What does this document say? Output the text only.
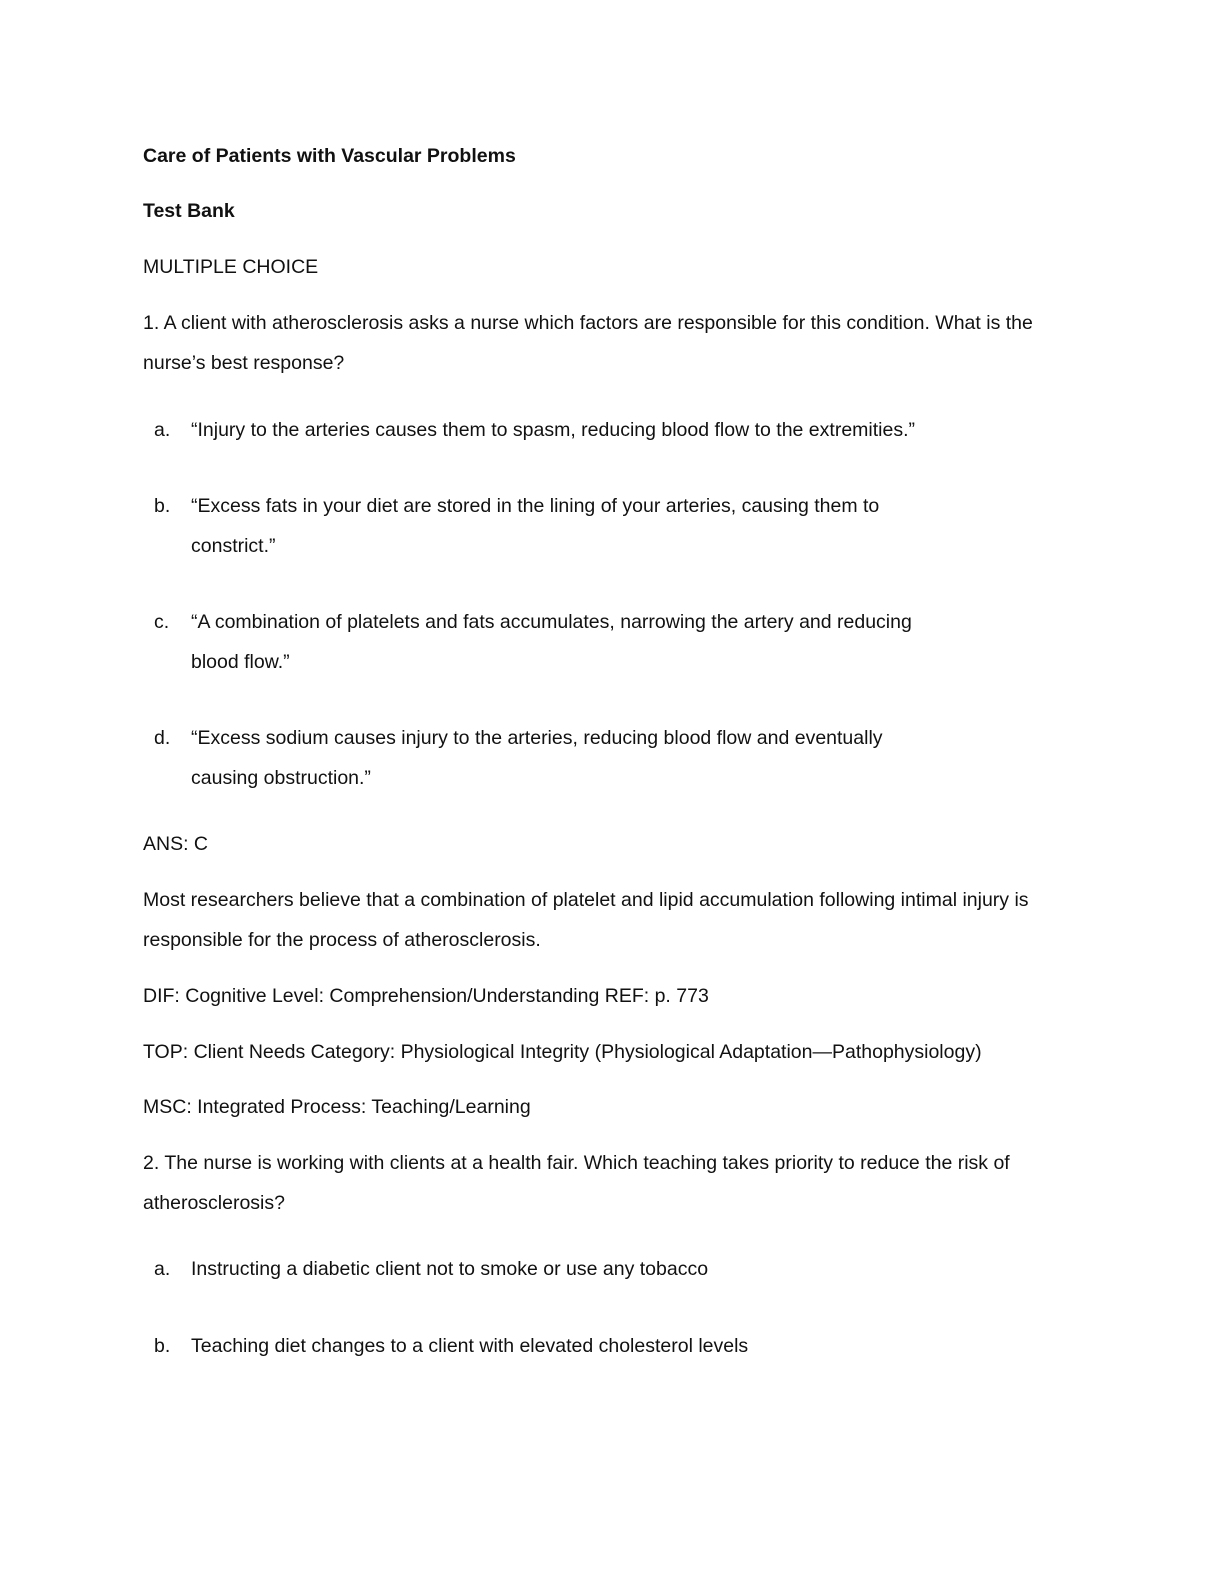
Care of Patients with Vascular Problems
Test Bank
MULTIPLE CHOICE
1. A client with atherosclerosis asks a nurse which factors are responsible for this condition. What is the
nurse’s best response?
a. “Injury to the arteries causes them to spasm, reducing blood flow to the extremities.”
b. “Excess fats in your diet are stored in the lining of your arteries, causing them to
constrict.”
c. “A combination of platelets and fats accumulates, narrowing the artery and reducing
blood flow.”
d. “Excess sodium causes injury to the arteries, reducing blood flow and eventually
causing obstruction.”
ANS: C
Most researchers believe that a combination of platelet and lipid accumulation following intimal injury is
responsible for the process of atherosclerosis.
DIF: Cognitive Level: Comprehension/Understanding REF: p. 773
TOP: Client Needs Category: Physiological Integrity (Physiological Adaptation—Pathophysiology)
MSC: Integrated Process: Teaching/Learning
2. The nurse is working with clients at a health fair. Which teaching takes priority to reduce the risk of
atherosclerosis?
a. Instructing a diabetic client not to smoke or use any tobacco
b. Teaching diet changes to a client with elevated cholesterol levels
